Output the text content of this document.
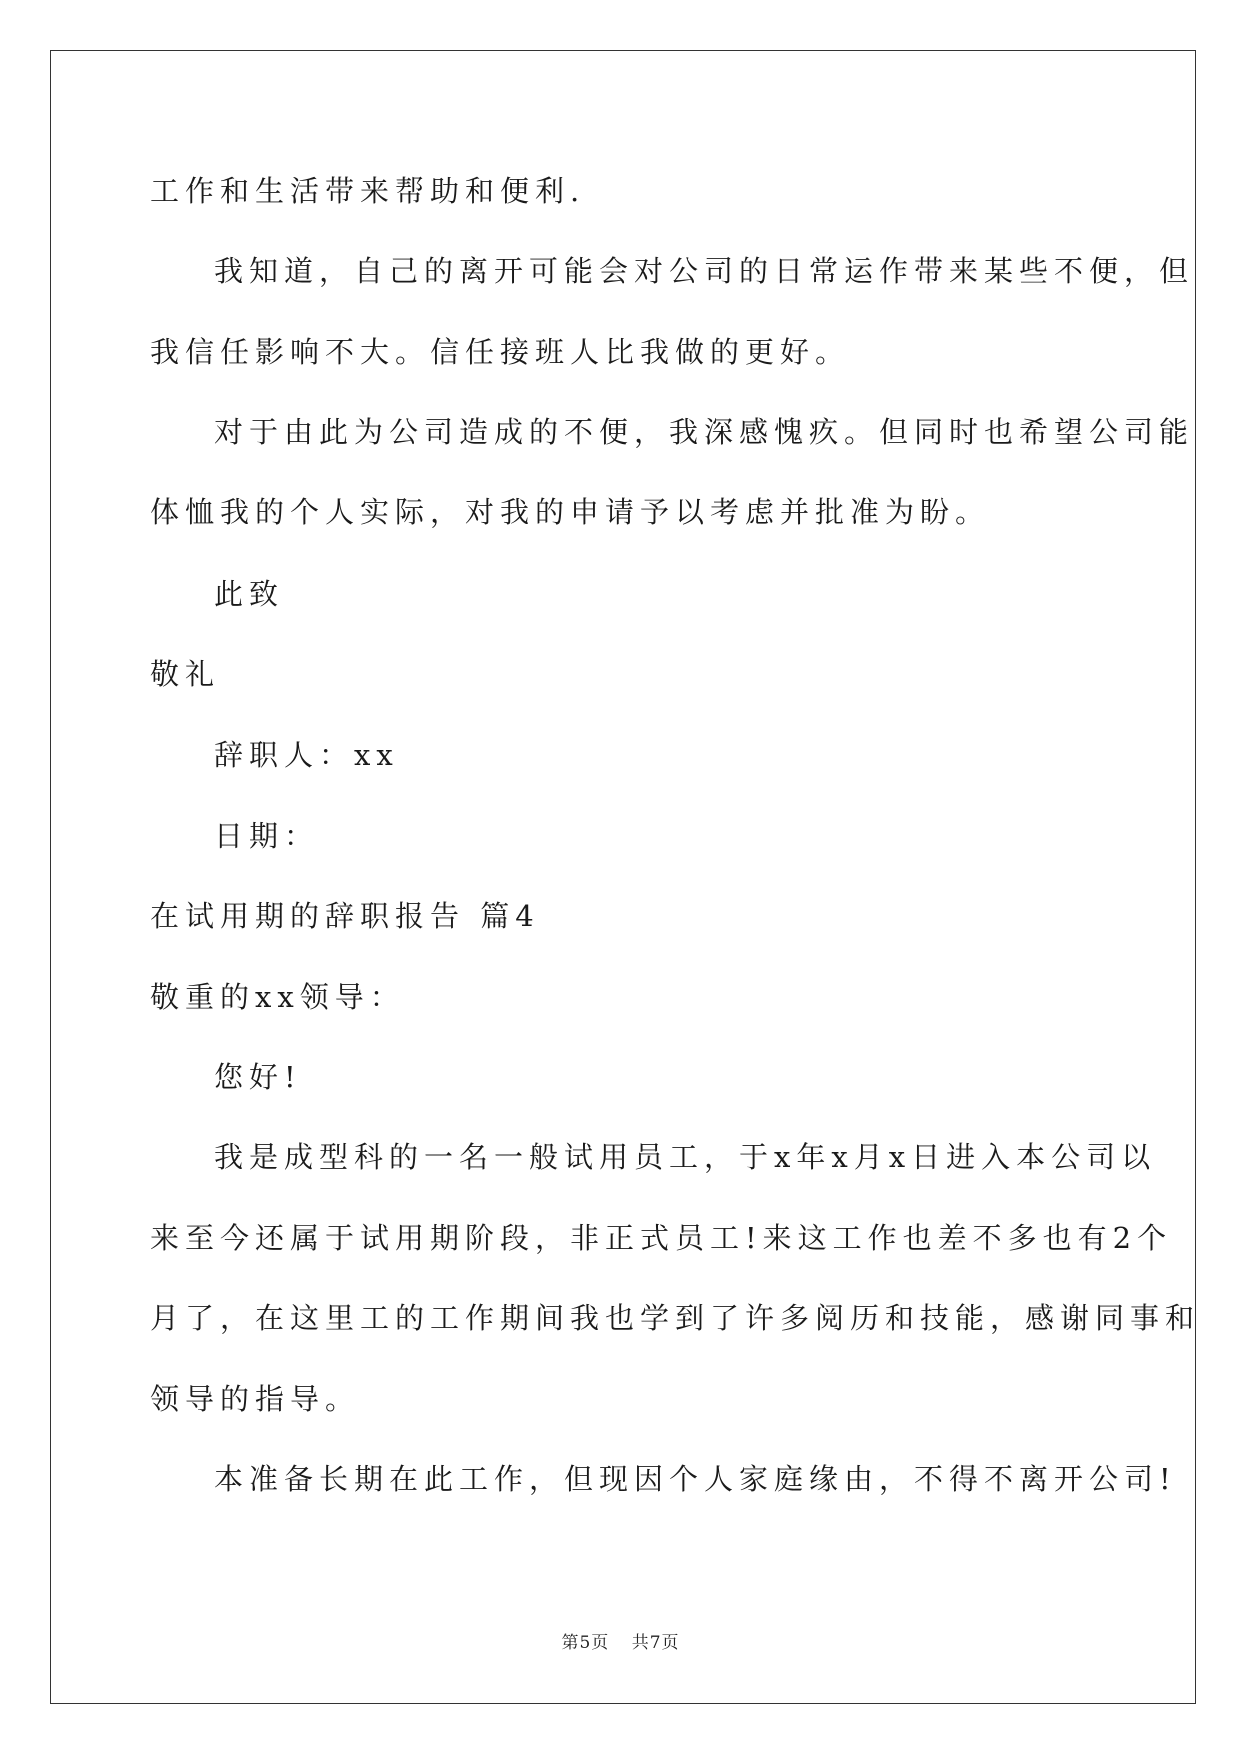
工作和生活带来帮助和便利.
我知道，自己的离开可能会对公司的日常运作带来某些不便，但
我信任影响不大。信任接班人比我做的更好。
对于由此为公司造成的不便，我深感愧疚。但同时也希望公司能
体恤我的个人实际，对我的申请予以考虑并批准为盼。
此致
敬礼
辞职人：xx
日期：
在试用期的辞职报告 篇4
敬重的xx领导：
您好!
我是成型科的一名一般试用员工，于x年x月x日进入本公司以
来至今还属于试用期阶段，非正式员工!来这工作也差不多也有2个
月了，在这里工的工作期间我也学到了许多阅历和技能，感谢同事和
领导的指导。
本准备长期在此工作，但现因个人家庭缘由，不得不离开公司!
第5页 共7页
